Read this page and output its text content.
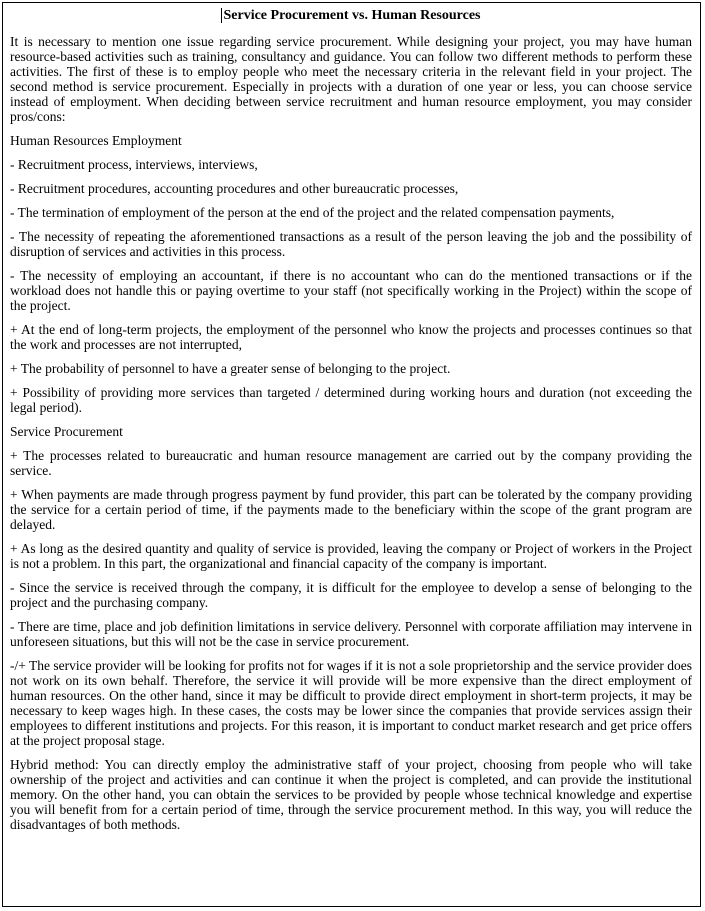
Service Procurement vs. Human Resources

It is necessary to mention one issue regarding service procurement. While designing your project, you may have human resource-based activities such as training, consultancy and guidance. You can follow two different methods to perform these activities. The first of these is to employ people who meet the necessary criteria in the relevant field in your project. The second method is service procurement. Especially in projects with a duration of one year or less, you can choose service instead of employment. When deciding between service recruitment and human resource employment, you may consider pros/cons:

Human Resources Employment

- Recruitment process, interviews, interviews,

- Recruitment procedures, accounting procedures and other bureaucratic processes,

- The termination of employment of the person at the end of the project and the related compensation payments,

- The necessity of repeating the aforementioned transactions as a result of the person leaving the job and the possibility of disruption of services and activities in this process.

- The necessity of employing an accountant, if there is no accountant who can do the mentioned transactions or if the workload does not handle this or paying overtime to your staff (not specifically working in the Project) within the scope of the project.

+ At the end of long-term projects, the employment of the personnel who know the projects and processes continues so that the work and processes are not interrupted,

+ The probability of personnel to have a greater sense of belonging to the project.

+ Possibility of providing more services than targeted / determined during working hours and duration (not exceeding the legal period).

Service Procurement

+ The processes related to bureaucratic and human resource management are carried out by the company providing the service.

+ When payments are made through progress payment by fund provider, this part can be tolerated by the company providing the service for a certain period of time, if the payments made to the beneficiary within the scope of the grant program are delayed.

+ As long as the desired quantity and quality of service is provided, leaving the company or Project of workers in the Project is not a problem. In this part, the organizational and financial capacity of the company is important.

- Since the service is received through the company, it is difficult for the employee to develop a sense of belonging to the project and the purchasing company.

- There are time, place and job definition limitations in service delivery. Personnel with corporate affiliation may intervene in unforeseen situations, but this will not be the case in service procurement.

-/+ The service provider will be looking for profits not for wages if it is not a sole proprietorship and the service provider does not work on its own behalf. Therefore, the service it will provide will be more expensive than the direct employment of human resources. On the other hand, since it may be difficult to provide direct employment in short-term projects, it may be necessary to keep wages high. In these cases, the costs may be lower since the companies that provide services assign their employees to different institutions and projects. For this reason, it is important to conduct market research and get price offers at the project proposal stage.

Hybrid method: You can directly employ the administrative staff of your project, choosing from people who will take ownership of the project and activities and can continue it when the project is completed, and can provide the institutional memory. On the other hand, you can obtain the services to be provided by people whose technical knowledge and expertise you will benefit from for a certain period of time, through the service procurement method. In this way, you will reduce the disadvantages of both methods.
